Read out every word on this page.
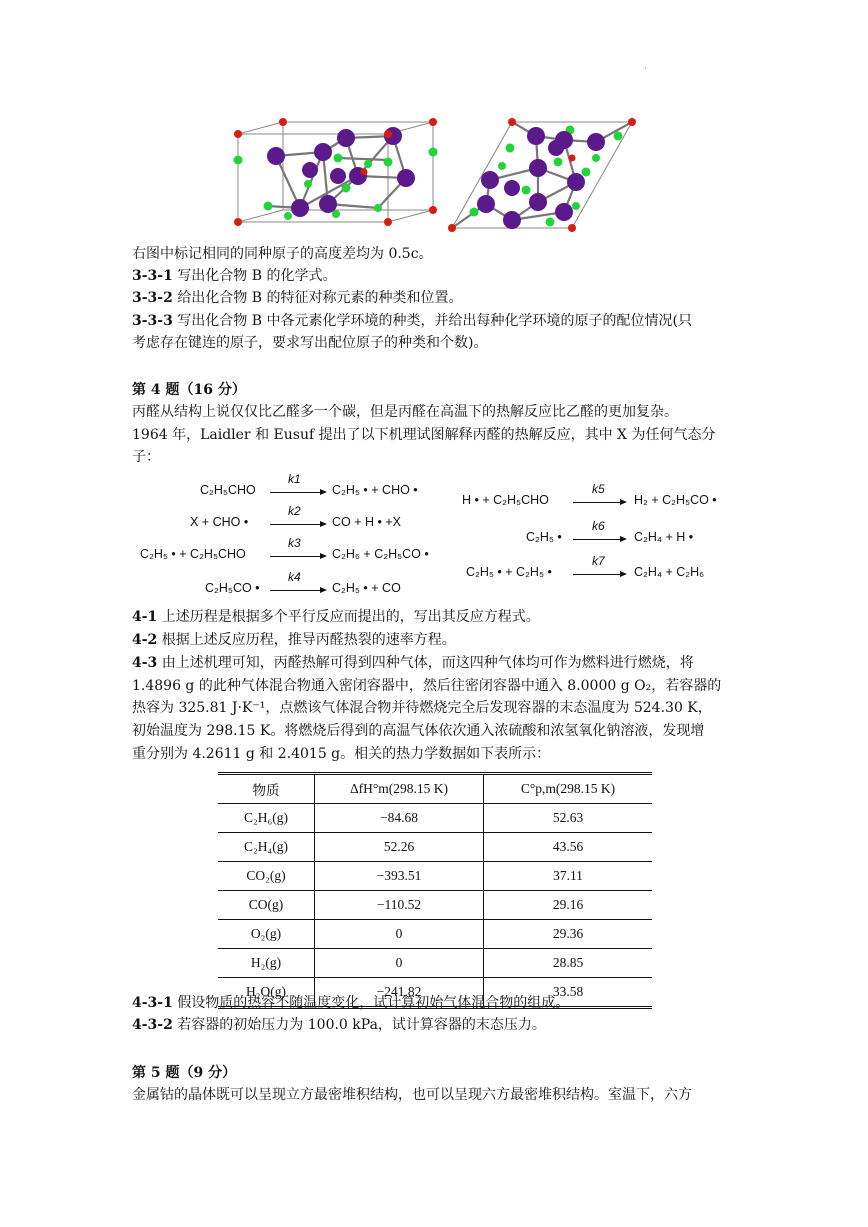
·
右图中标记相同的同种原子的高度差均为 0.5c。
3-3-1 写出化合物 B 的化学式。
3-3-2 给出化合物 B 的特征对称元素的种类和位置。
3-3-3 写出化合物 B 中各元素化学环境的种类，并给出每种化学环境的原子的配位情况(只
考虑存在键连的原子，要求写出配位原子的种类和个数)。
第 4 题（16 分）
丙醛从结构上说仅仅比乙醛多一个碳，但是丙醛在高温下的热解反应比乙醛的更加复杂。
1964 年，Laidler 和 Eusuf 提出了以下机理试图解释丙醛的热解反应，其中 X 为任何气态分
子：
C₂H₅CHO
k1
→ C₂H₅ • + CHO •
X + CHO •
k2
→ CO + H • +X
C₂H₅ • + C₂H₅CHO
k3
→ C₂H₆ + C₂H₅CO •
C₂H₅CO •
k4
→ C₂H₅ • + CO
H • + C₂H₅CHO
k5
→ H₂ + C₂H₅CO •
C₂H₅ •
k6
→ C₂H₄ + H •
C₂H₅ • + C₂H₅ •
k7
→ C₂H₄ + C₂H₆
4-1 上述历程是根据多个平行反应而提出的，写出其反应方程式。
4-2 根据上述反应历程，推导丙醛热裂的速率方程。
4-3 由上述机理可知，丙醛热解可得到四种气体，而这四种气体均可作为燃料进行燃烧，将
1.4896 g 的此种气体混合物通入密闭容器中，然后往密闭容器中通入 8.0000 g O₂，若容器的
热容为 325.81 J·K⁻¹，点燃该气体混合物并待燃烧完全后发现容器的末态温度为 524.30 K，
初始温度为 298.15 K。将燃烧后得到的高温气体依次通入浓硫酸和浓氢氧化钠溶液，发现增
重分别为 4.2611 g 和 2.4015 g。相关的热力学数据如下表所示：
物质	ΔfH°m(298.15 K)	C°p,m(298.15 K)
C₂H₆(g)	−84.68	52.63
C₂H₄(g)	52.26	43.56
CO₂(g)	−393.51	37.11
CO(g)	−110.52	29.16
O₂(g)	0	29.36
H₂(g)	0	28.85
H₂O(g)	−241.82	33.58
4-3-1 假设物质的热容不随温度变化，试计算初始气体混合物的组成。
4-3-2 若容器的初始压力为 100.0 kPa，试计算容器的末态压力。
第 5 题（9 分）
金属钴的晶体既可以呈现立方最密堆积结构，也可以呈现六方最密堆积结构。室温下，六方
